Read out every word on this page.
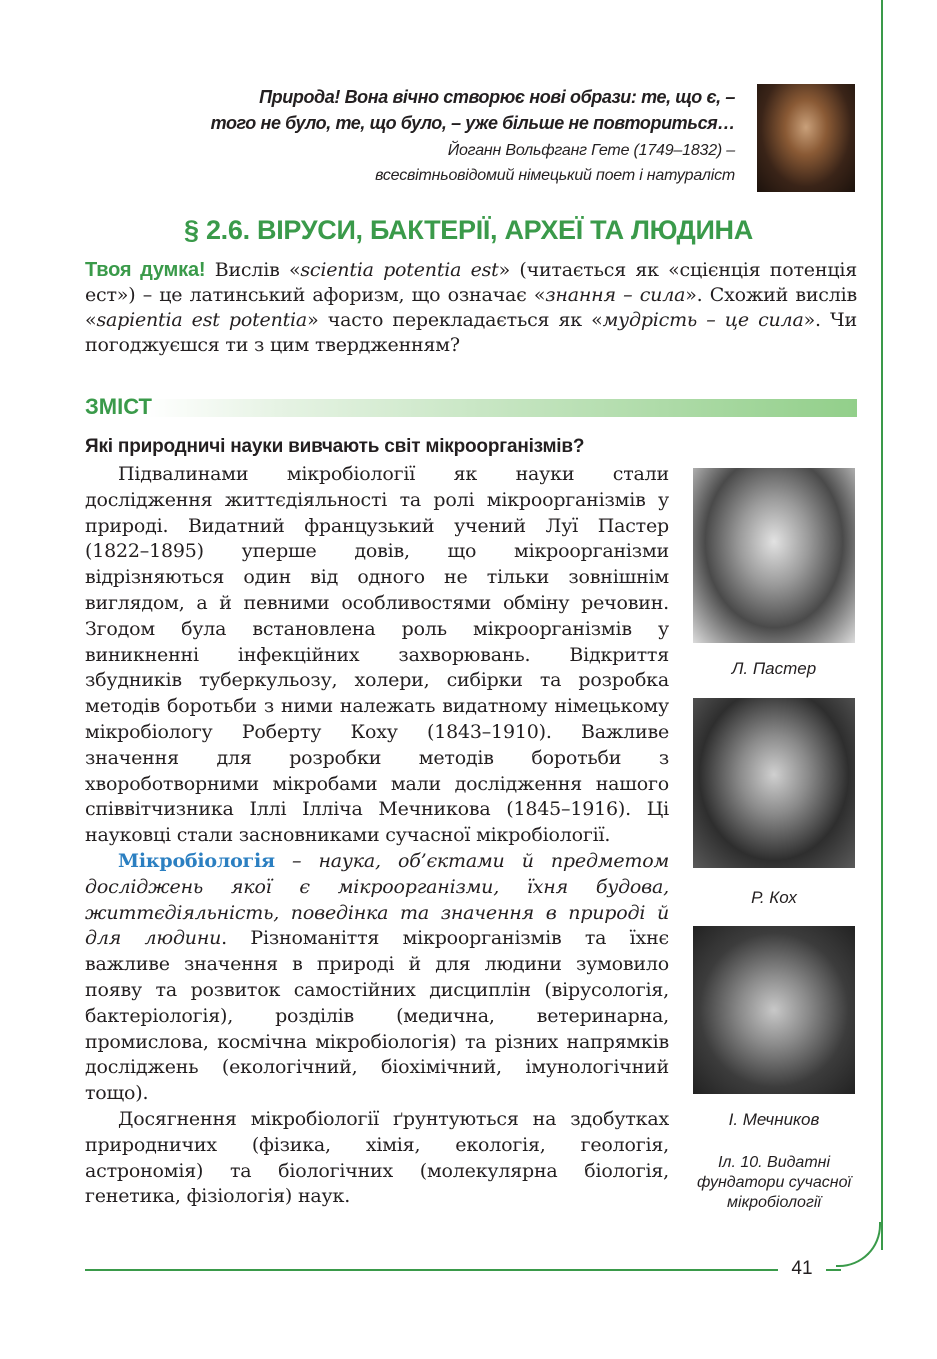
41
Природа! Вона вічно створює нові образи: те, що є, –
того не було, те, що було, – уже більше не повториться…
Йоганн Вольфганг Гете (1749–1832) –
всесвітньовідомий німецький поет і натураліст
§ 2.6. ВІРУСИ, БАКТЕРІЇ, АРХЕЇ ТА ЛЮДИНА
Твоя думка! Вислів «scientia potentia est» (читається як «сцієнція потенція ест») – це латинський афоризм, що означає «знання – сила». Схожий вислів «sapientia est potentia» часто перекладається як «мудрість – це сила». Чи погоджуєшся ти з цим твердженням?
ЗМІСТ
Які природничі науки вивчають світ мікроорганізмів?

Підвалинами мікробіології як науки стали дослідження життєдіяльності та ролі мікроорганізмів у природі. Видатний французький учений Луї Пастер (1822–1895) уперше довів, що мікроорганізми відрізняються один від одного не тільки зовнішнім виглядом, а й певними особливостями обміну речовин. Згодом була встановлена роль мікроорганізмів у виникненні інфекційних захворювань. Відкриття збудників туберкульозу, холери, сибірки та розробка методів боротьби з ними належать видатному німецькому мікробіологу Роберту Коху (1843–1910). Важливе значення для розробки методів боротьби з хвороботворними мікробами мали дослідження нашого співвітчизника Іллі Ілліча Мечникова (1845–1916). Ці науковці стали засновниками сучасної мікробіології.

Мікробіологія – наука, об’єктами й предметом досліджень якої є мікроорганізми, їхня будова, життєдіяльність, поведінка та значення в природі й для людини. Різноманіття мікроорганізмів та їхнє важливе значення в природі й для людини зумовило появу та розвиток самостійних дисциплін (вірусологія, бактеріологія), розділів (медична, ветеринарна, промислова, космічна мікробіологія) та різних напрямків досліджень (екологічний, біохімічний, імунологічний тощо).

Досягнення мікробіології ґрунтуються на здобутках природничих (фізика, хімія, екологія, геологія, астрономія) та біологічних (молекулярна біологія, генетика, фізіологія) наук.

Л. Пастер
Р. Кох
І. Мечников
Іл. 10. Видатні фундатори сучасної мікробіології
